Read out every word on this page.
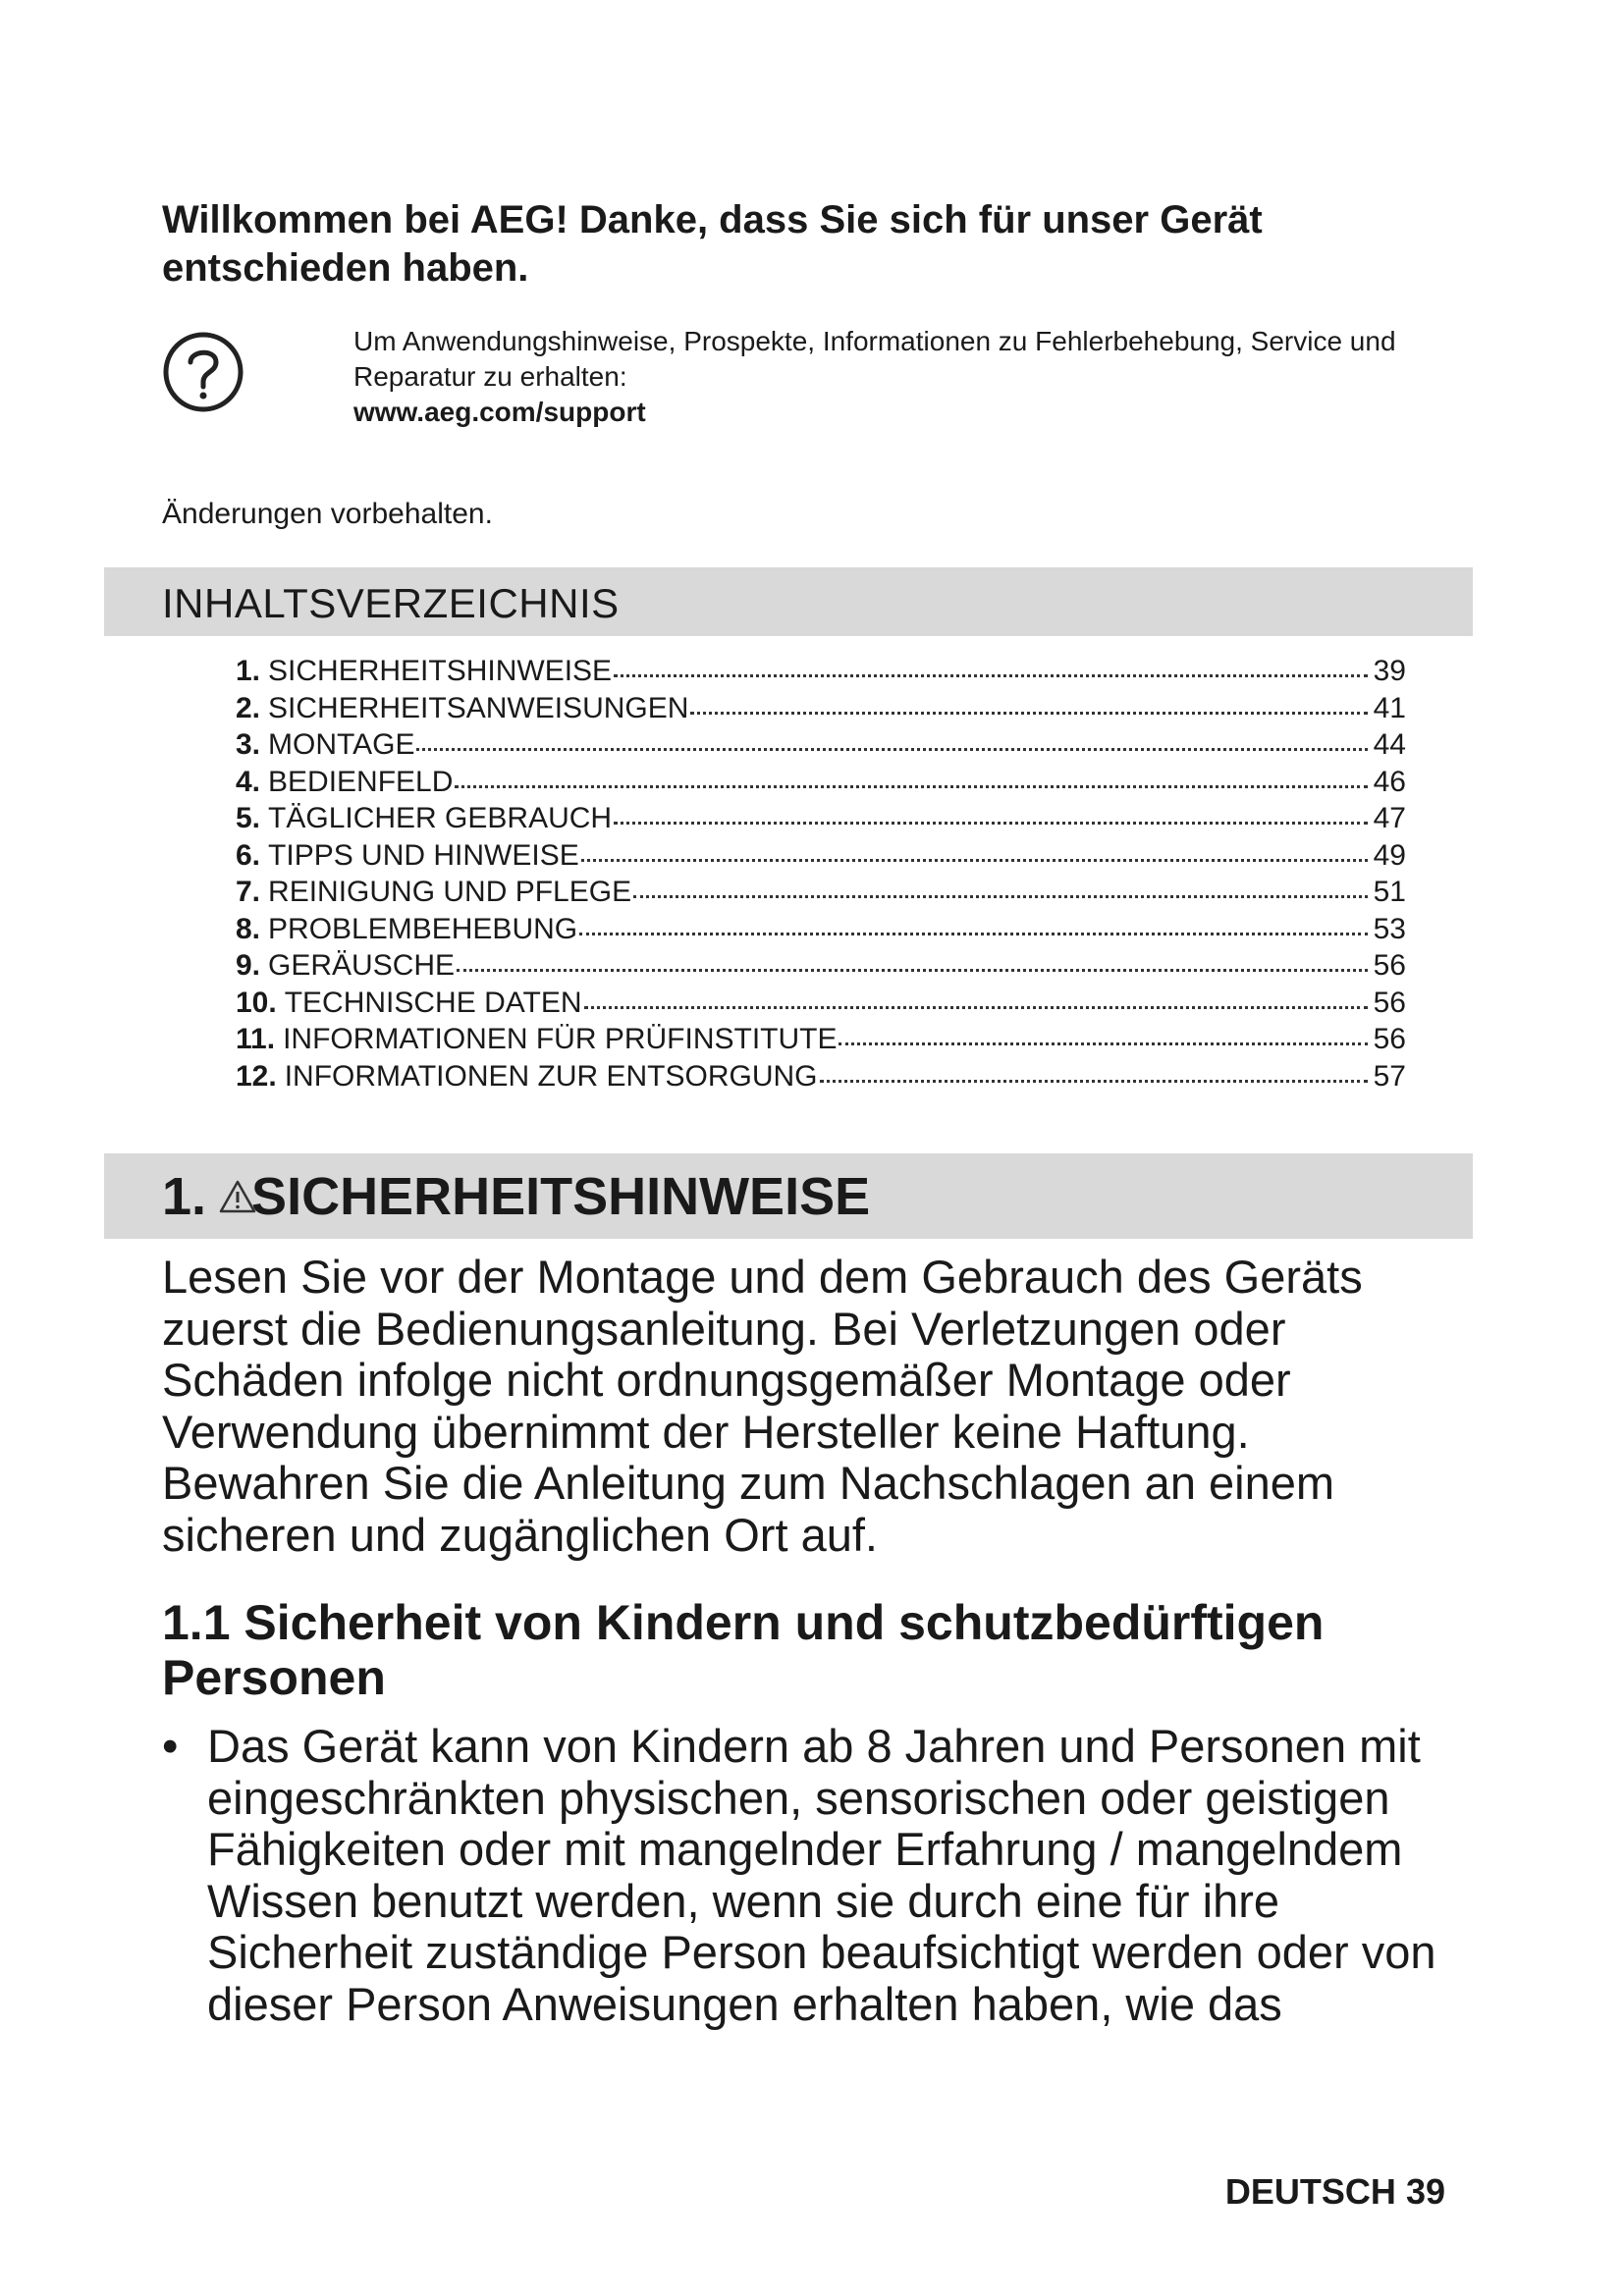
Willkommen bei AEG! Danke, dass Sie sich für unser Gerät entschieden haben.
Um Anwendungshinweise, Prospekte, Informationen zu Fehlerbehebung, Service und Reparatur zu erhalten:
www.aeg.com/support
Änderungen vorbehalten.
INHALTSVERZEICHNIS
1. SICHERHEITSHINWEISE	39
2. SICHERHEITSANWEISUNGEN	41
3. MONTAGE	44
4. BEDIENFELD	46
5. TÄGLICHER GEBRAUCH	47
6. TIPPS UND HINWEISE	49
7. REINIGUNG UND PFLEGE	51
8. PROBLEMBEHEBUNG	53
9. GERÄUSCHE	56
10. TECHNISCHE DATEN	56
11. INFORMATIONEN FÜR PRÜFINSTITUTE	56
12. INFORMATIONEN ZUR ENTSORGUNG	57
1. SICHERHEITSHINWEISE

Lesen Sie vor der Montage und dem Gebrauch des Geräts zuerst die Bedienungsanleitung. Bei Verletzungen oder Schäden infolge nicht ordnungsgemäßer Montage oder Verwendung übernimmt der Hersteller keine Haftung. Bewahren Sie die Anleitung zum Nachschlagen an einem sicheren und zugänglichen Ort auf.

1.1 Sicherheit von Kindern und schutzbedürftigen Personen

• Das Gerät kann von Kindern ab 8 Jahren und Personen mit eingeschränkten physischen, sensorischen oder geistigen Fähigkeiten oder mit mangelnder Erfahrung / mangelndem Wissen benutzt werden, wenn sie durch eine für ihre Sicherheit zuständige Person beaufsichtigt werden oder von dieser Person Anweisungen erhalten haben, wie das

DEUTSCH 39
